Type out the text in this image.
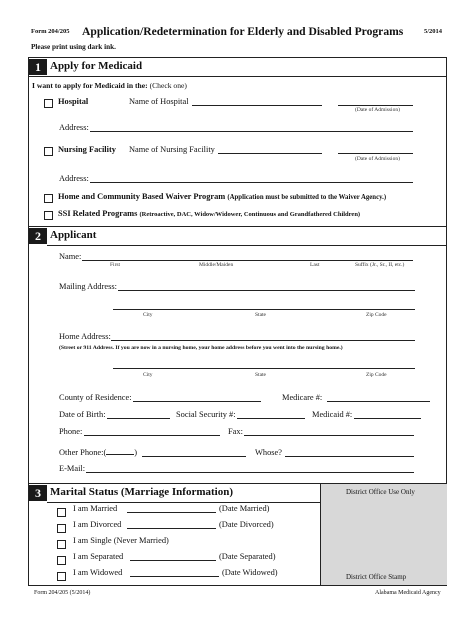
Form 204/205 Application/Redetermination for Elderly and Disabled Programs	5/2014
Please print using dark ink.
1 Apply for Medicaid
I want to apply for Medicaid in the: (Check one)
Hospital	Name of Hospital
(Date of Admission)
Address:
Nursing Facility Name of Nursing Facility
(Date of Admission)
Address:
Home and Community Based Waiver Program (Application must be submitted to the Waiver Agency.)
SSI Related Programs (Retroactive, DAC, Widow/Widower, Continuous and Grandfathered Children)
2 Applicant
Name:
First	Middle/Maiden	Last	Suffix (Jr., Sr., II, etc.)
Mailing Address:
City	State	Zip Code
Home Address:
(Street or 911 Address. If you are now in a nursing home, your home address before you went into the nursing home.)
City	State	Zip Code
County of Residence:	Medicare #:
Date of Birth:	Social Security #:	Medicaid #:
Phone:	Fax:
Other Phone:(	)	Whose?
E-Mail:
3 Marital Status (Marriage Information)	District Office Use Only
District Office Stamp
I am Married	(Date Married)
I am Divorced	(Date Divorced)
I am Single (Never Married)
I am Separated	(Date Separated)
I am Widowed	(Date Widowed)
Form 204/205 (5/2014)	Alabama Medicaid Agency
